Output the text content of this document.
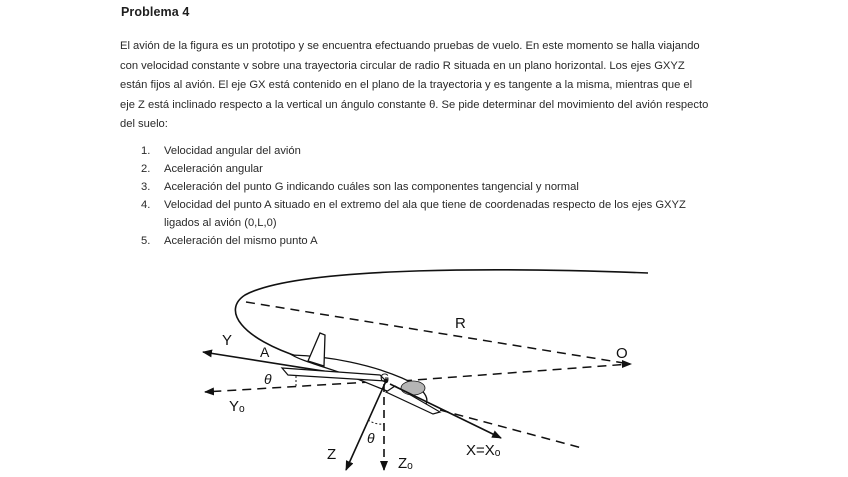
Problema 4

El avión de la figura es un prototipo y se encuentra efectuando pruebas de vuelo. En este momento se halla viajando con velocidad constante v sobre una trayectoria circular de radio R situada en un plano horizontal. Los ejes GXYZ están fijos al avión. El eje GX está contenido en el plano de la trayectoria y es tangente a la misma, mientras que el eje Z está inclinado respecto a la vertical un ángulo constante θ. Se pide determinar del movimiento del avión respecto del suelo:

1. Velocidad angular del avión
2. Aceleración angular
3. Aceleración del punto G indicando cuáles son las componentes tangencial y normal
4. Velocidad del punto A situado en el extremo del ala que tiene de coordenadas respecto de los ejes GXYZ ligados al avión (0,L,0)
5. Aceleración del mismo punto A
R
O
Y
A
θ	G
Yₒ
θ
Z
Zₒ
X=Xₒ
